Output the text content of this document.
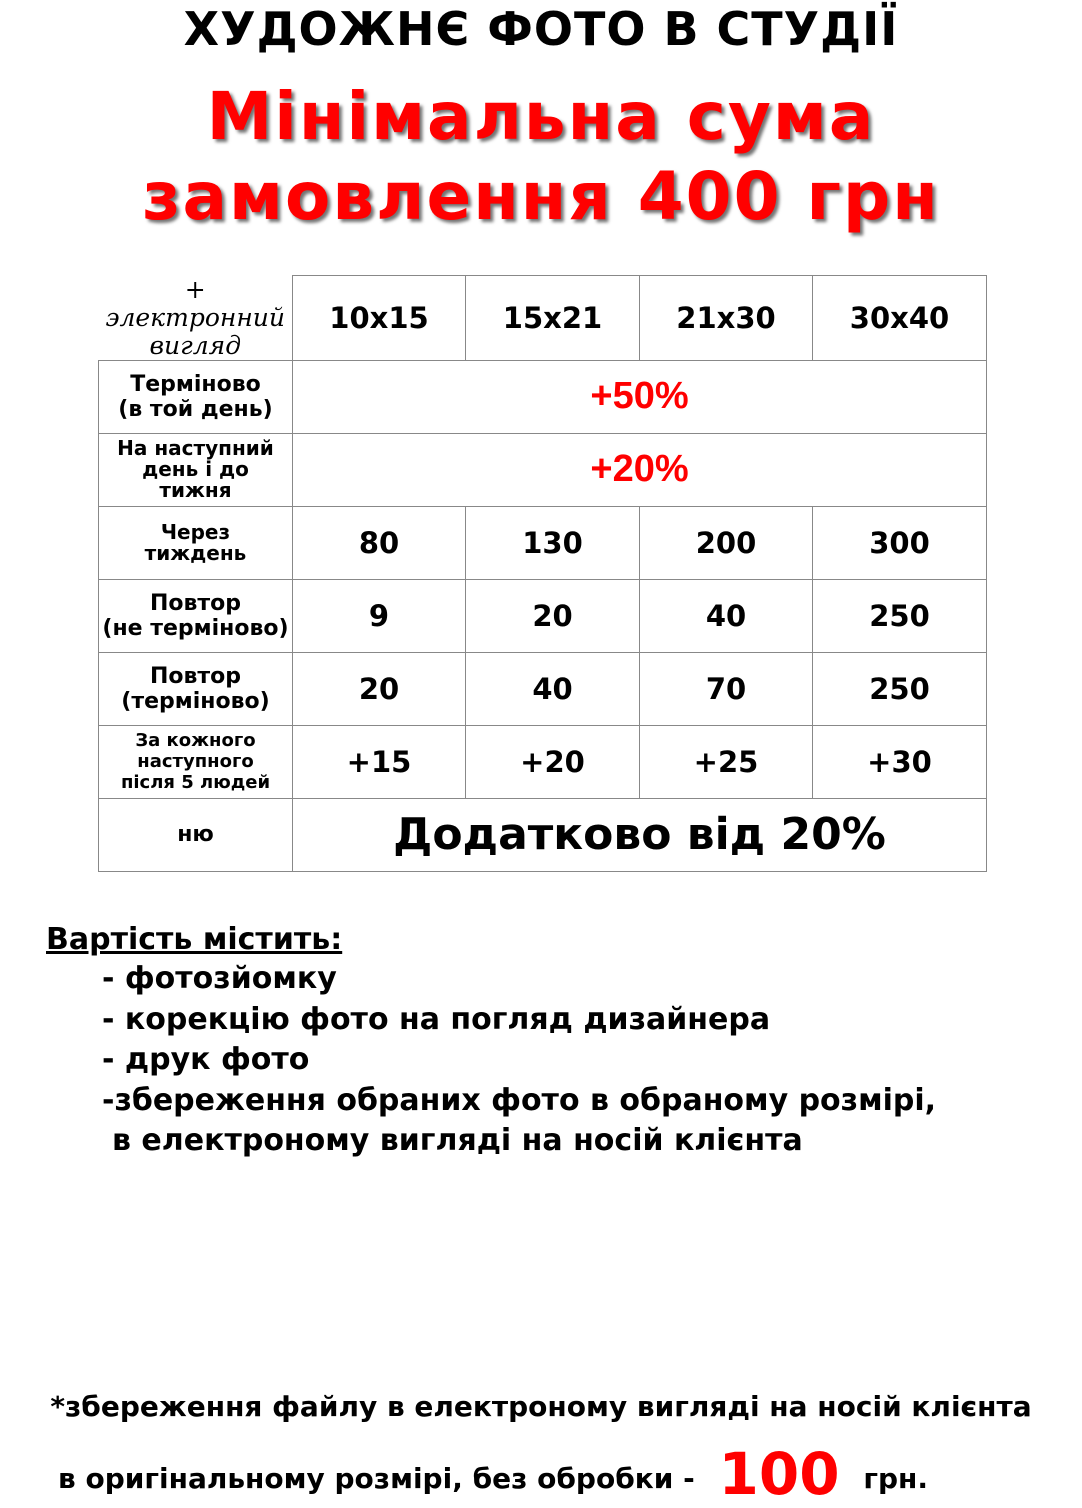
ХУДОЖНЄ ФОТО В СТУДІЇ
Мінімальна сума
замовлення 400 грн
+ электронний
вигляд	10x15	15x21	21x30	30x40
Терміново
(в той день)	+50%			
На наступний
день і до
тижня	+20%			
Через
тиждень	80	130	200	300
Повтор
(не терміново)	9	20	40	250
Повтор
(терміново)	20	40	70	250
За кожного
наступного
після 5 людей	+15	+20	+25	+30
ню	Додатково від 20%			
Вартість містить:
- фотозйомку
- корекцію фото на погляд дизайнера
- друк фото
-збереження обраних фото в обраному розмірі,
в електроному вигляді на носій клієнта
*збереження файлу в електроному вигляді на носій клієнта
в оригінальному розмірі, без обробки - 100 грн.
